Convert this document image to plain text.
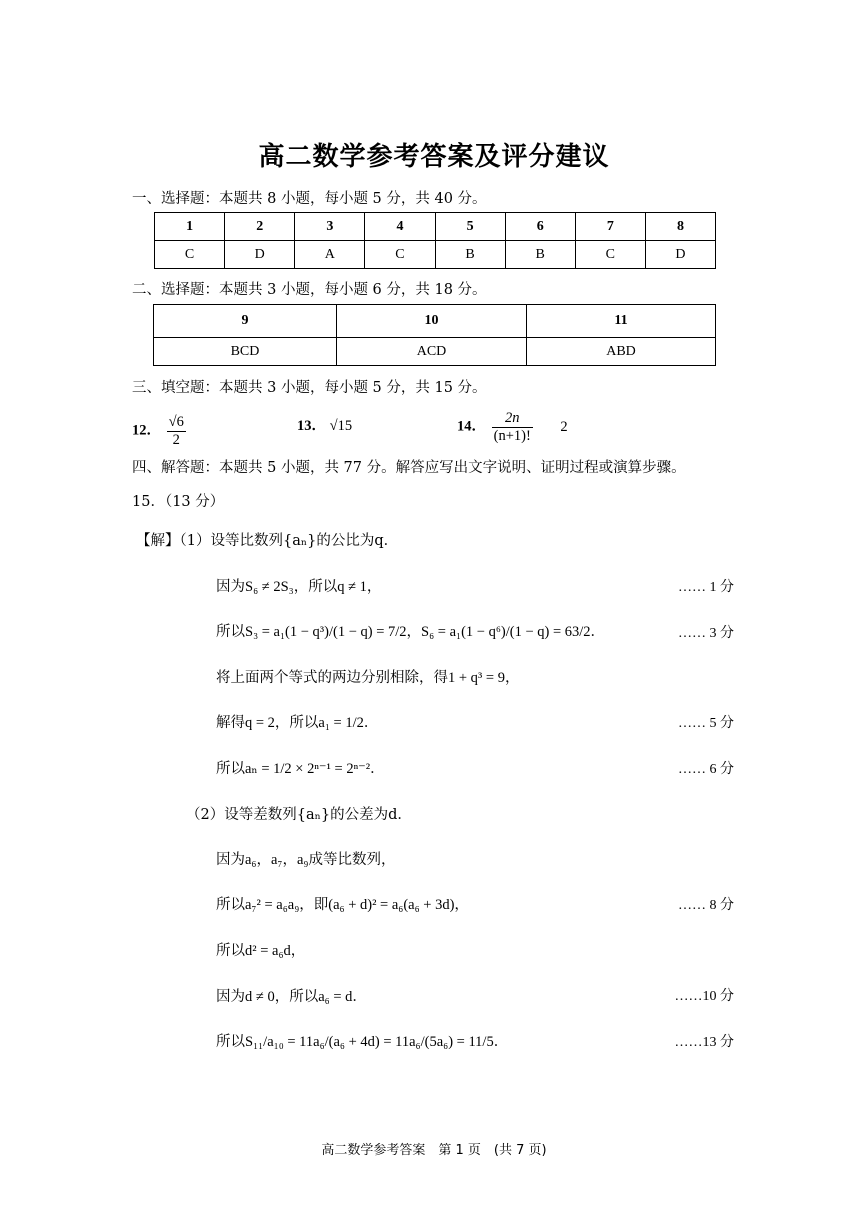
高二数学参考答案及评分建议
一、选择题：本题共 8 小题，每小题 5 分，共 40 分。
1	2	3	4	5	6	7	8
C	D	A	C	B	B	C	D
二、选择题：本题共 3 小题，每小题 6 分，共 18 分。
9	10	11
BCD	ACD	ABD
三、填空题：本题共 3 小题，每小题 5 分，共 15 分。
12． $\frac{√6}{2}$	13． √15	14． $\frac{2n}{(n+1)!} 2$
四、解答题：本题共 5 小题，共 77 分。解答应写出文字说明、证明过程或演算步骤。
15．（13 分）
【解】（1）设等比数列{aₙ}的公比为q．
因为S₆ ≠ 2S₃，所以q ≠ 1，	…… 1 分
所以S₃ = a₁(1 − q³)/(1 − q) = 7/2，S₆ = a₁(1 − q⁶)/(1 − q) = 63/2．	…… 3 分
将上面两个等式的两边分别相除，得1 + q³ = 9，
解得q = 2，所以a₁ = 1/2．	…… 5 分
所以aₙ = 1/2 × 2ⁿ⁻¹ = 2ⁿ⁻²．	…… 6 分
（2）设等差数列{aₙ}的公差为d．
因为a₆，a₇，a₉成等比数列，
所以a₇² = a₆a₉，即(a₆ + d)² = a₆(a₆ + 3d)，	…… 8 分
所以d² = a₆d，
因为d ≠ 0，所以a₆ = d．	……10 分
所以S₁₁/a₁₀ = 11a₆/(a₆ + 4d) = 11a₆/(5a₆) = 11/5．	……13 分
高二数学参考答案　第 1 页　(共 7 页)
